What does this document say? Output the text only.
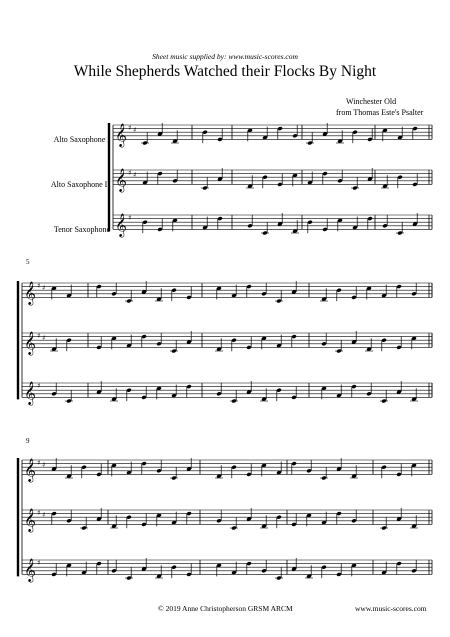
Sheet music supplied by: www.music-scores.com
While Shepherds Watched their Flocks By Night
Winchester Old
from Thomas Este's Psalter
Alto Saxophone I
Alto Saxophone II
Tenor Saxophone
5
9
𝄞 ♯ ♯
𝄞 ♯ ♯
𝄞 ♯
𝄞 ♯ ♯
𝄞 ♯ ♯
𝄞 ♯
𝄞 ♯ ♯
𝄞 ♯ ♯
𝄞 ♯
© 2019 Anne Christopherson GRSM ARCM	www.music-scores.com
